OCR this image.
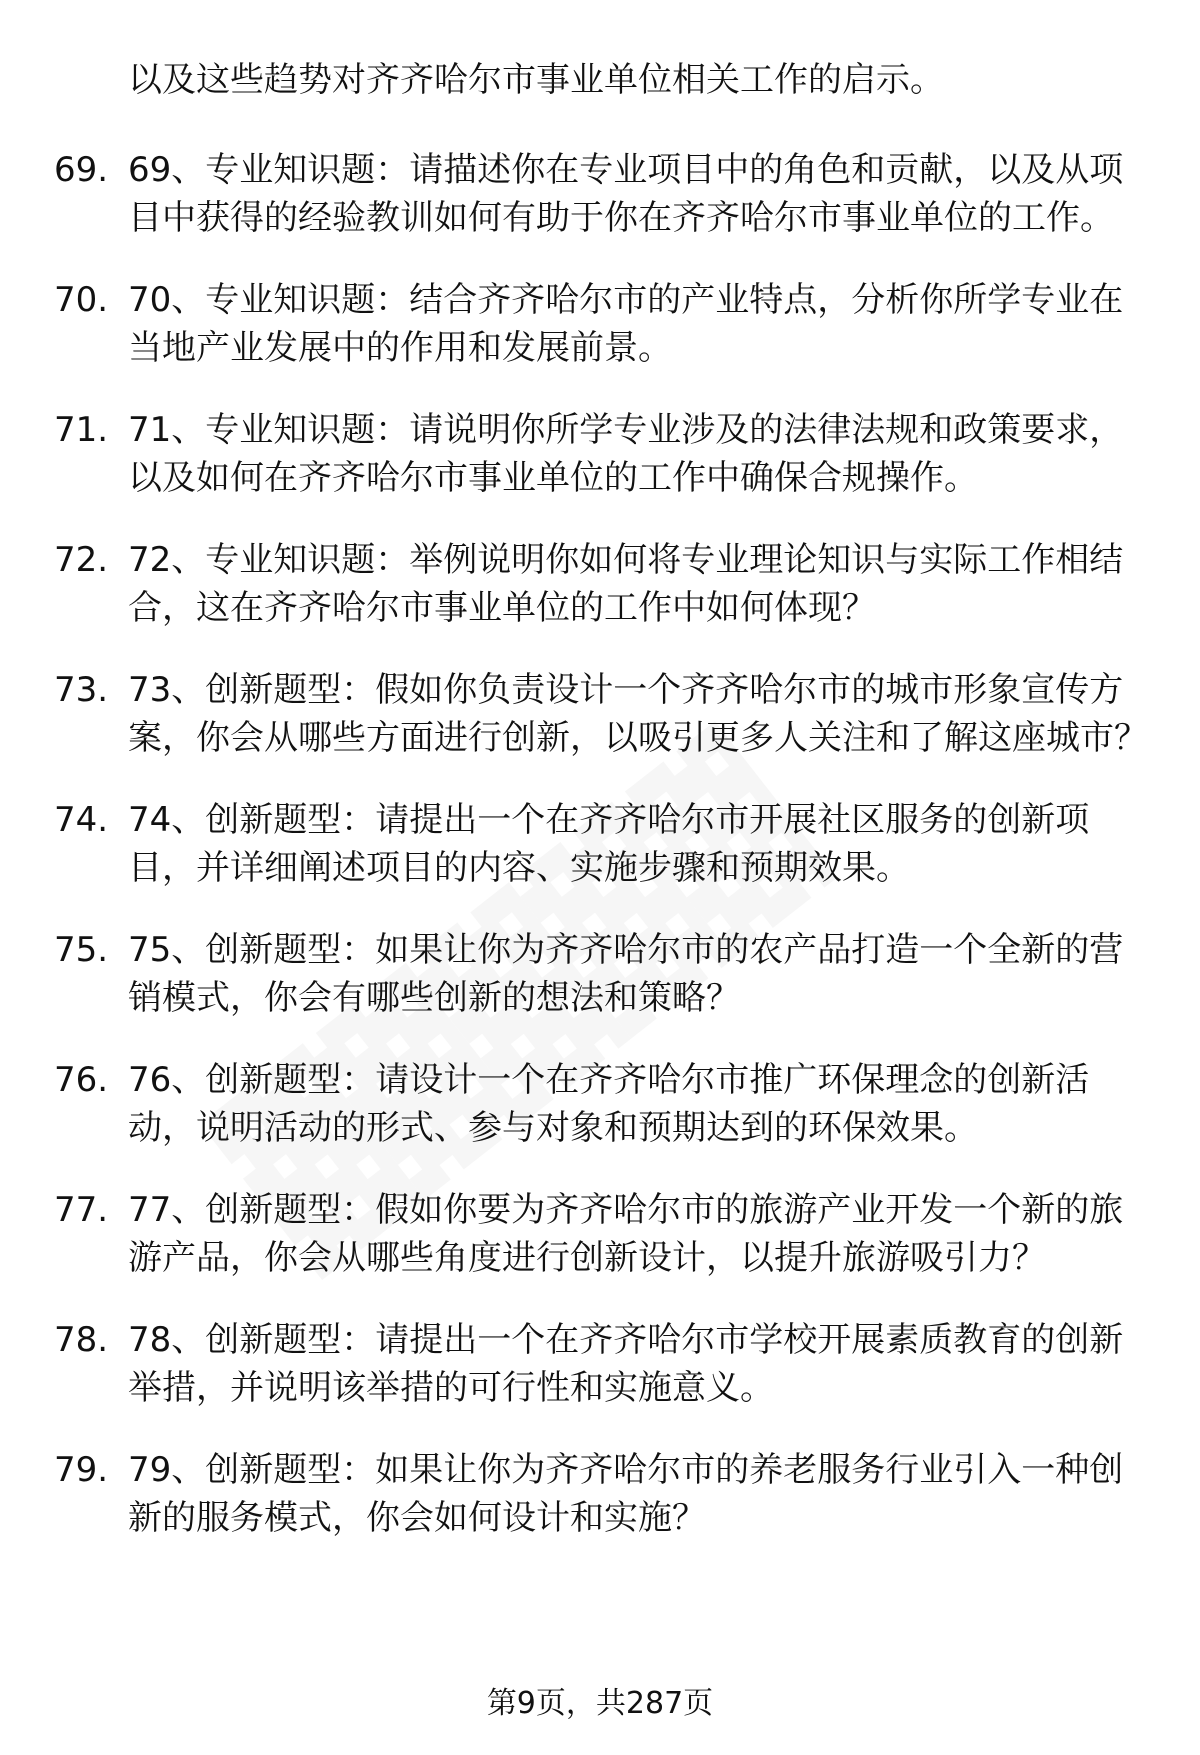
以及这些趋势对齐齐哈尔市事业单位相关工作的启示。

69. 69、专业知识题：请描述你在专业项目中的角色和贡献，以及从项目中获得的经验教训如何有助于你在齐齐哈尔市事业单位的工作。
70. 70、专业知识题：结合齐齐哈尔市的产业特点，分析你所学专业在当地产业发展中的作用和发展前景。
71. 71、专业知识题：请说明你所学专业涉及的法律法规和政策要求，以及如何在齐齐哈尔市事业单位的工作中确保合规操作。
72. 72、专业知识题：举例说明你如何将专业理论知识与实际工作相结合，这在齐齐哈尔市事业单位的工作中如何体现？
73. 73、创新题型：假如你负责设计一个齐齐哈尔市的城市形象宣传方案，你会从哪些方面进行创新，以吸引更多人关注和了解这座城市？
74. 74、创新题型：请提出一个在齐齐哈尔市开展社区服务的创新项目，并详细阐述项目的内容、实施步骤和预期效果。
75. 75、创新题型：如果让你为齐齐哈尔市的农产品打造一个全新的营销模式，你会有哪些创新的想法和策略？
76. 76、创新题型：请设计一个在齐齐哈尔市推广环保理念的创新活动，说明活动的形式、参与对象和预期达到的环保效果。
77. 77、创新题型：假如你要为齐齐哈尔市的旅游产业开发一个新的旅游产品，你会从哪些角度进行创新设计，以提升旅游吸引力？
78. 78、创新题型：请提出一个在齐齐哈尔市学校开展素质教育的创新举措，并说明该举措的可行性和实施意义。
79. 79、创新题型：如果让你为齐齐哈尔市的养老服务行业引入一种创新的服务模式，你会如何设计和实施？
第9页，共287页
